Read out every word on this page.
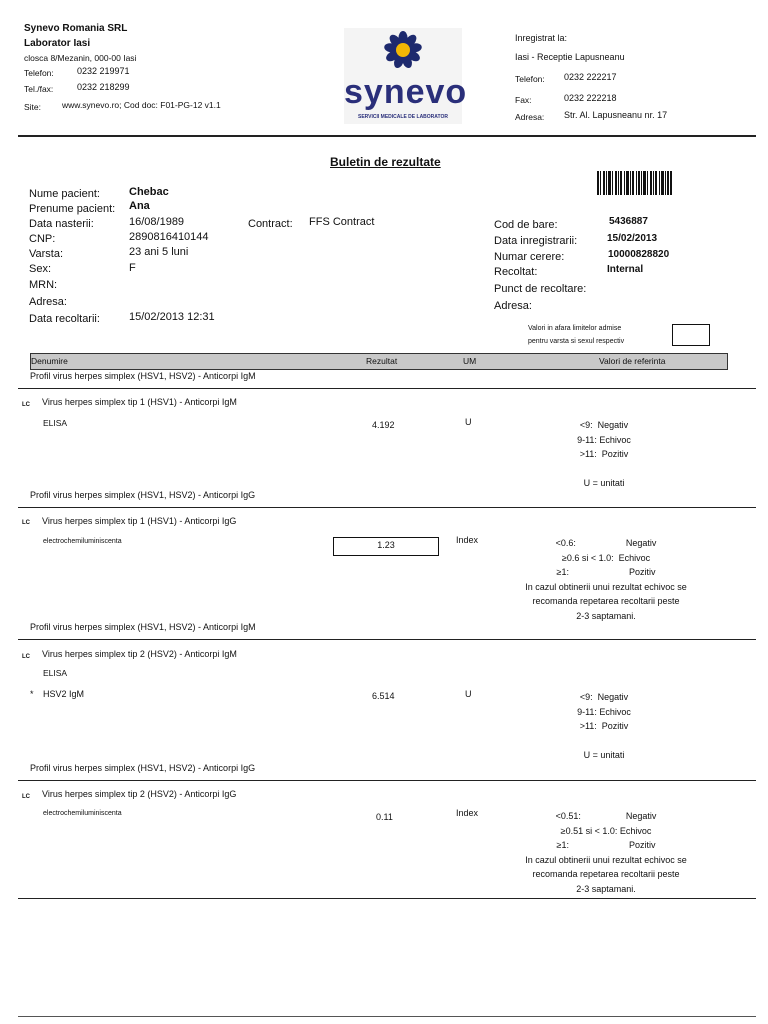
Synevo Romania SRL
Laborator Iasi
closca 8/Mezanin, 000-00 Iasi
Telefon:	0232 219971
Tel./fax:	0232 218299
Site: www.synevo.ro; Cod doc: F01-PG-12 v1.1	synevo
SERVICII MEDICALE DE LABORATOR
Inregistrat la:
Iasi - Receptie Lapusneanu
Telefon: 0232 222217
Fax:	0232 222218
Adresa: Str. Al. Lapusneanu nr. 17
Buletin de rezultate
Nume pacient:	Chebac
Prenume pacient: Ana
Data nasterii:	16/08/1989	Contract: FFS Contract
CNP:	2890816410144
Varsta:	23 ani 5 luni
Sex:	F
MRN:
Adresa:
Data recoltarii:	15/02/2013 12:31
Cod de bare:	5436887
Data inregistrarii:	15/02/2013
Numar cerere:	10000828820
Recoltat:	Internal
Punct de recoltare:
Adresa:
Valori in afara limitelor admise
pentru varsta si sexul respectiv
Denumire	Rezultat	UM	Valori de referinta
Profil virus herpes simplex (HSV1, HSV2) - Anticorpi IgM
LC Virus herpes simplex tip 1 (HSV1) - Anticorpi IgM
ELISA	4.192	U	<9:  Negativ
9-11: Echivoc
>11:  Pozitiv

U = unitati
Profil virus herpes simplex (HSV1, HSV2) - Anticorpi IgG
LC Virus herpes simplex tip 1 (HSV1) - Anticorpi IgG
electrochemiluminiscenta	1.23	Index	<0.6:                    Negativ
≥0.6 si < 1.0:  Echivoc
≥1:                        Pozitiv
In cazul obtinerii unui rezultat echivoc se
recomanda repetarea recoltarii peste
2-3 saptamani.
Profil virus herpes simplex (HSV1, HSV2) - Anticorpi IgM
LC Virus herpes simplex tip 2 (HSV2) - Anticorpi IgM
ELISA
* HSV2 IgM	6.514	U	<9:  Negativ
9-11: Echivoc
>11:  Pozitiv

U = unitati
Profil virus herpes simplex (HSV1, HSV2) - Anticorpi IgG
LC Virus herpes simplex tip 2 (HSV2) - Anticorpi IgG
electrochemiluminiscenta	0.11	Index	<0.51:                  Negativ
≥0.51 si < 1.0: Echivoc
≥1:                        Pozitiv
In cazul obtinerii unui rezultat echivoc se
recomanda repetarea recoltarii peste
2-3 saptamani.
